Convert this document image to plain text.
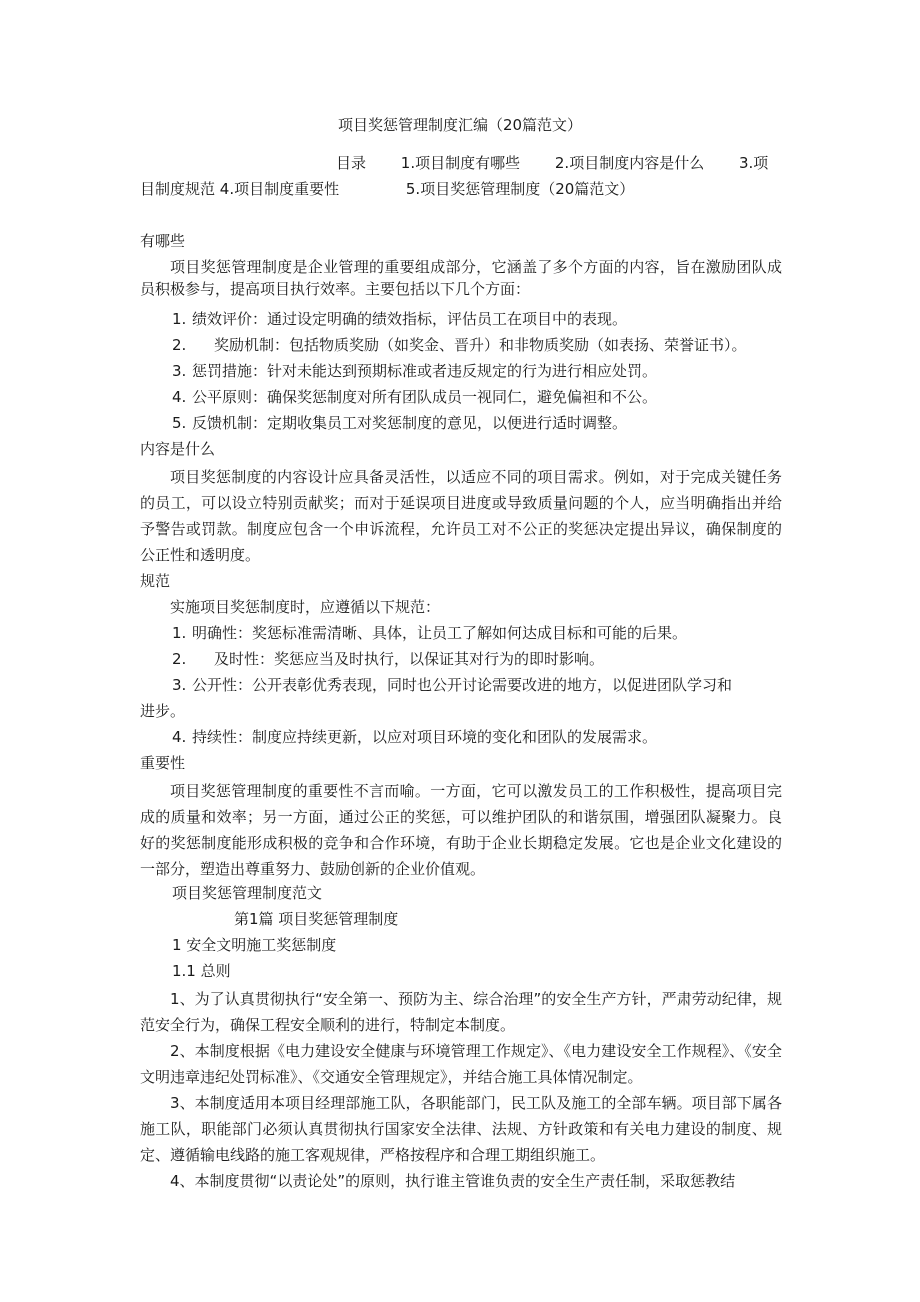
项目奖惩管理制度汇编（20篇范文）
目录 1.项目制度有哪些 2.项目制度内容是什么 3.项
目制度规范 4.项目制度重要性	5.项目奖惩管理制度（20篇范文）
有哪些
项目奖惩管理制度是企业管理的重要组成部分，它涵盖了多个方面的内容，旨在激励团队成员积极参与，提高项目执行效率。主要包括以下几个方面：
1. 绩效评价：通过设定明确的绩效指标，评估员工在项目中的表现。
2. 奖励机制：包括物质奖励（如奖金、晋升）和非物质奖励（如表扬、荣誉证书）。
3. 惩罚措施：针对未能达到预期标准或者违反规定的行为进行相应处罚。
4. 公平原则：确保奖惩制度对所有团队成员一视同仁，避免偏袒和不公。
5. 反馈机制：定期收集员工对奖惩制度的意见，以便进行适时调整。
内容是什么
项目奖惩制度的内容设计应具备灵活性，以适应不同的项目需求。例如，对于完成关键任务的员工，可以设立特别贡献奖；而对于延误项目进度或导致质量问题的个人，应当明确指出并给予警告或罚款。制度应包含一个申诉流程，允许员工对不公正的奖惩决定提出异议，确保制度的公正性和透明度。
规范
实施项目奖惩制度时，应遵循以下规范：
1. 明确性：奖惩标准需清晰、具体，让员工了解如何达成目标和可能的后果。
2. 及时性：奖惩应当及时执行，以保证其对行为的即时影响。
3. 公开性：公开表彰优秀表现，同时也公开讨论需要改进的地方，以促进团队学习和
进步。
4. 持续性：制度应持续更新，以应对项目环境的变化和团队的发展需求。
重要性
项目奖惩管理制度的重要性不言而喻。一方面，它可以激发员工的工作积极性，提高项目完成的质量和效率；另一方面，通过公正的奖惩，可以维护团队的和谐氛围，增强团队凝聚力。良好的奖惩制度能形成积极的竞争和合作环境，有助于企业长期稳定发展。它也是企业文化建设的一部分，塑造出尊重努力、鼓励创新的企业价值观。
项目奖惩管理制度范文
第1篇 项目奖惩管理制度
1 安全文明施工奖惩制度
1.1 总则
1、为了认真贯彻执行“安全第一、预防为主、综合治理”的安全生产方针，严肃劳动纪律，规范安全行为，确保工程安全顺利的进行，特制定本制度。
2、本制度根据《电力建设安全健康与环境管理工作规定》、《电力建设安全工作规程》、《安全文明违章违纪处罚标准》、《交通安全管理规定》，并结合施工具体情况制定。
3、本制度适用本项目经理部施工队，各职能部门，民工队及施工的全部车辆。项目部下属各施工队，职能部门必须认真贯彻执行国家安全法律、法规、方针政策和有关电力建设的制度、规定、遵循输电线路的施工客观规律，严格按程序和合理工期组织施工。
4、本制度贯彻“以责论处”的原则，执行谁主管谁负责的安全生产责任制，采取惩教结
